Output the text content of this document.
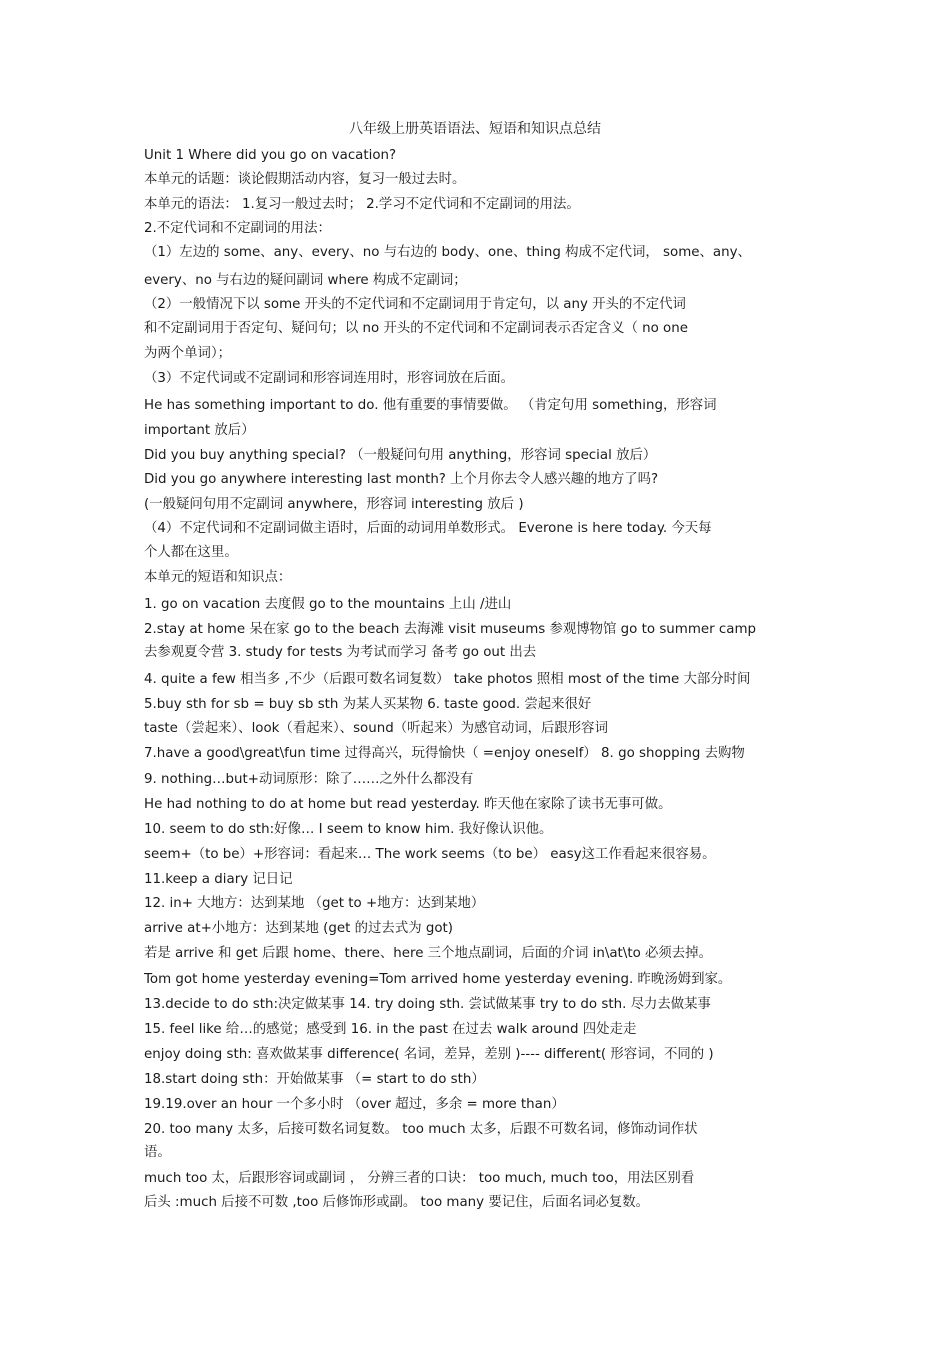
八年级上册英语语法、短语和知识点总结
Unit 1 Where did you go on vacation?
本单元的话题：谈论假期活动内容，复习一般过去时。
本单元的语法： 1.复习一般过去时； 2.学习不定代词和不定副词的用法。
2.不定代词和不定副词的用法：
（1）左边的 some、any、every、no 与右边的 body、one、thing 构成不定代词， some、any、
every、no 与右边的疑问副词 where 构成不定副词；
（2）一般情况下以 some 开头的不定代词和不定副词用于肯定句，以 any 开头的不定代词
和不定副词用于否定句、疑问句；以 no 开头的不定代词和不定副词表示否定含义（ no one
为两个单词）；
（3）不定代词或不定副词和形容词连用时，形容词放在后面。
He has something important to do. 他有重要的事情要做。 （肯定句用 something，形容词
important 放后）
Did you buy anything special? （一般疑问句用 anything，形容词 special 放后）
Did you go anywhere interesting last month? 上个月你去令人感兴趣的地方了吗?
(一般疑问句用不定副词 anywhere，形容词 interesting 放后 )
（4）不定代词和不定副词做主语时，后面的动词用单数形式。 Everone is here today. 今天每
个人都在这里。
本单元的短语和知识点：
1. go on vacation 去度假 go to the mountains 上山 /进山
2.stay at home 呆在家 go to the beach 去海滩 visit museums 参观博物馆 go to summer camp
去参观夏令营 3. study for tests 为考试而学习 备考 go out 出去
4. quite a few 相当多 ,不少（后跟可数名词复数） take photos 照相 most of the time 大部分时间
5.buy sth for sb = buy sb sth 为某人买某物 6. taste good. 尝起来很好
taste（尝起来）、look（看起来）、sound（听起来）为感官动词，后跟形容词
7.have a good\great\fun time 过得高兴，玩得愉快（ =enjoy oneself） 8. go shopping 去购物
9. nothing…but+动词原形：除了……之外什么都没有
He had nothing to do at home but read yesterday. 昨天他在家除了读书无事可做。
10. seem to do sth:好像… I seem to know him. 我好像认识他。
seem+（to be）+形容词：看起来… The work seems（to be） easy这工作看起来很容易。
11.keep a diary 记日记
12. in+ 大地方：达到某地 （get to +地方：达到某地）
arrive at+小地方：达到某地 (get 的过去式为 got)
若是 arrive 和 get 后跟 home、there、here 三个地点副词，后面的介词 in\at\to 必须去掉。
Tom got home yesterday evening=Tom arrived home yesterday evening. 昨晚汤姆到家。
13.decide to do sth:决定做某事 14. try doing sth. 尝试做某事 try to do sth. 尽力去做某事
15. feel like 给…的感觉；感受到 16. in the past 在过去 walk around 四处走走
enjoy doing sth: 喜欢做某事 difference( 名词，差异，差别 )---- different( 形容词，不同的 )
18.start doing sth：开始做某事 （= start to do sth）
19.19.over an hour 一个多小时 （over 超过，多余 = more than）
20. too many 太多，后接可数名词复数。 too much 太多，后跟不可数名词，修饰动词作状
语。
much too 太，后跟形容词或副词 ， 分辨三者的口诀： too much, much too，用法区别看
后头 :much 后接不可数 ,too 后修饰形或副。 too many 要记住，后面名词必复数。
